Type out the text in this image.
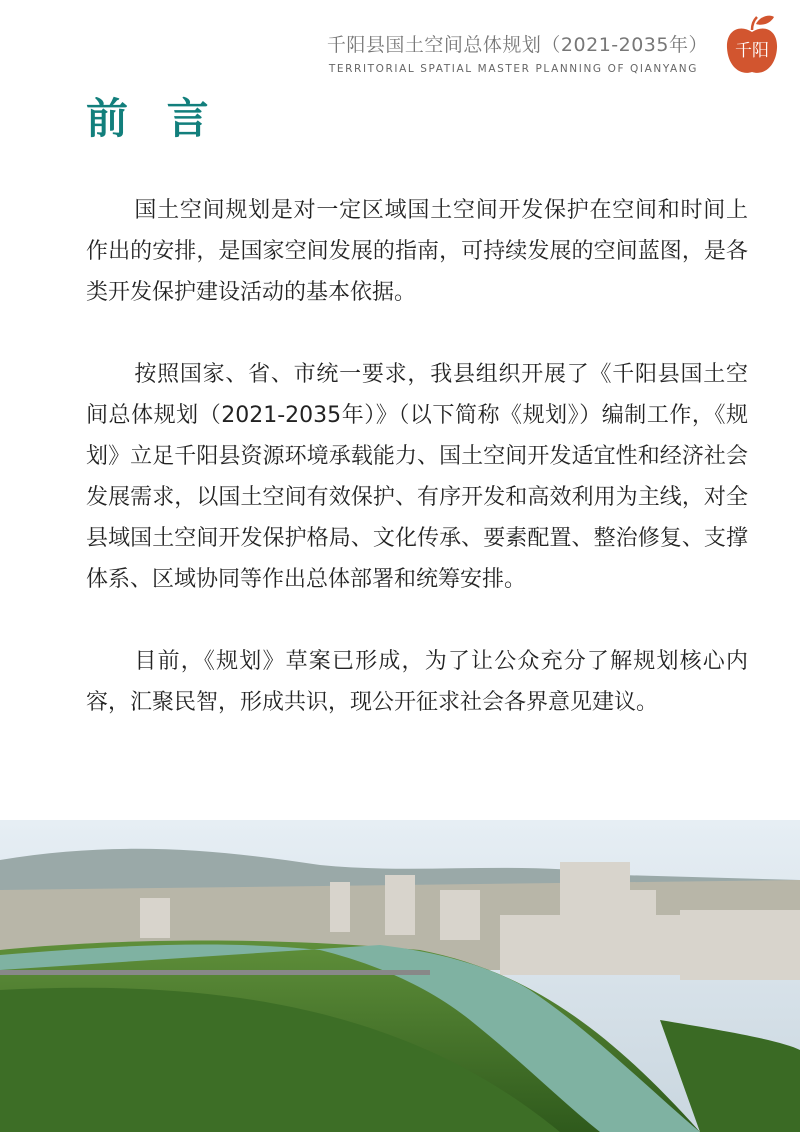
千阳县国土空间总体规划（2021-2035年）
TERRITORIAL SPATIAL MASTER PLANNING OF QIANYANG
千阳
前 言

国土空间规划是对一定区域国土空间开发保护在空间和时间上作出的安排，是国家空间发展的指南，可持续发展的空间蓝图，是各类开发保护建设活动的基本依据。

按照国家、省、市统一要求，我县组织开展了《千阳县国土空间总体规划（2021-2035年）》（以下简称《规划》）编制工作，《规划》立足千阳县资源环境承载能力、国土空间开发适宜性和经济社会发展需求，以国土空间有效保护、有序开发和高效利用为主线，对全县域国土空间开发保护格局、文化传承、要素配置、整治修复、支撑体系、区域协同等作出总体部署和统筹安排。

目前，《规划》草案已形成，为了让公众充分了解规划核心内容，汇聚民智，形成共识，现公开征求社会各界意见建议。
